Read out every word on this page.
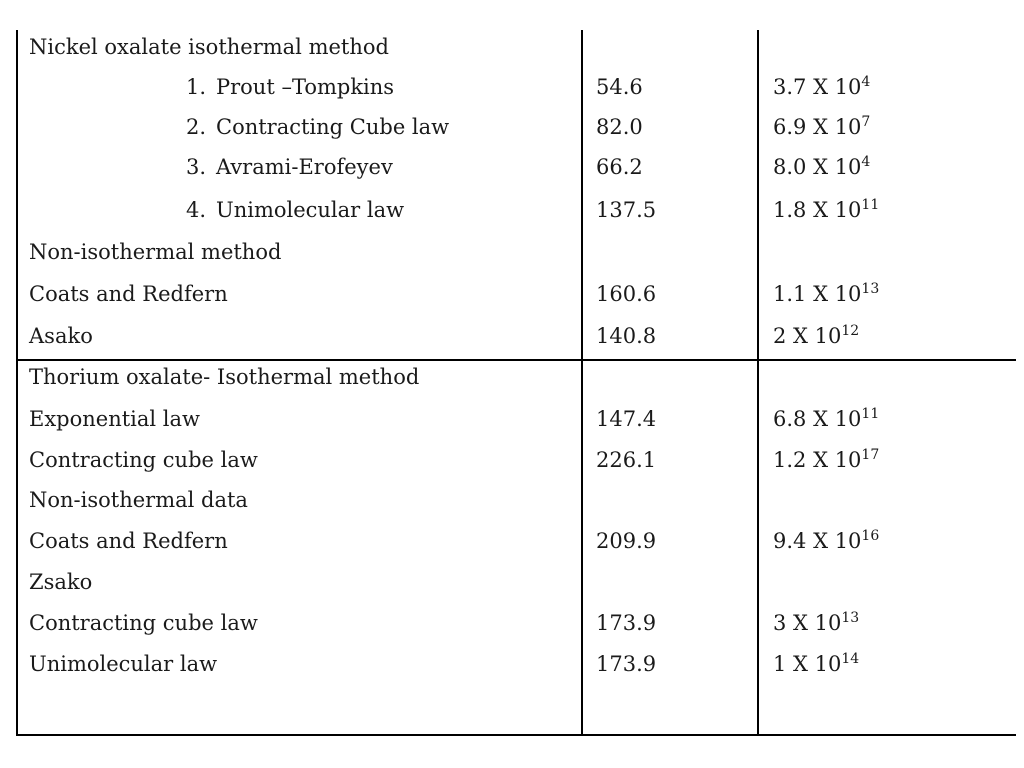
Nickel oxalate isothermal method
1. Prout –Tompkins	54.6	3.7 X $10^4$
2. Contracting Cube law	82.0	6.9 X $10^7$
3. Avrami-Erofeyev	66.2	8.0 X $10^4$
4. Unimolecular law	137.5	1.8 X $10^{11}$
Non-isothermal method
Coats and Redfern	160.6	1.1 X $10^{13}$
Asako	140.8	2 X $10^{12}$
Thorium oxalate- Isothermal method
Exponential law	147.4	6.8 X $10^{11}$
Contracting cube law	226.1	1.2 X $10^{17}$
Non-isothermal data
Coats and Redfern	209.9	9.4 X $10^{16}$
Zsako
Contracting cube law	173.9	3 X $10^{13}$
Unimolecular law	173.9	1 X $10^{14}$
